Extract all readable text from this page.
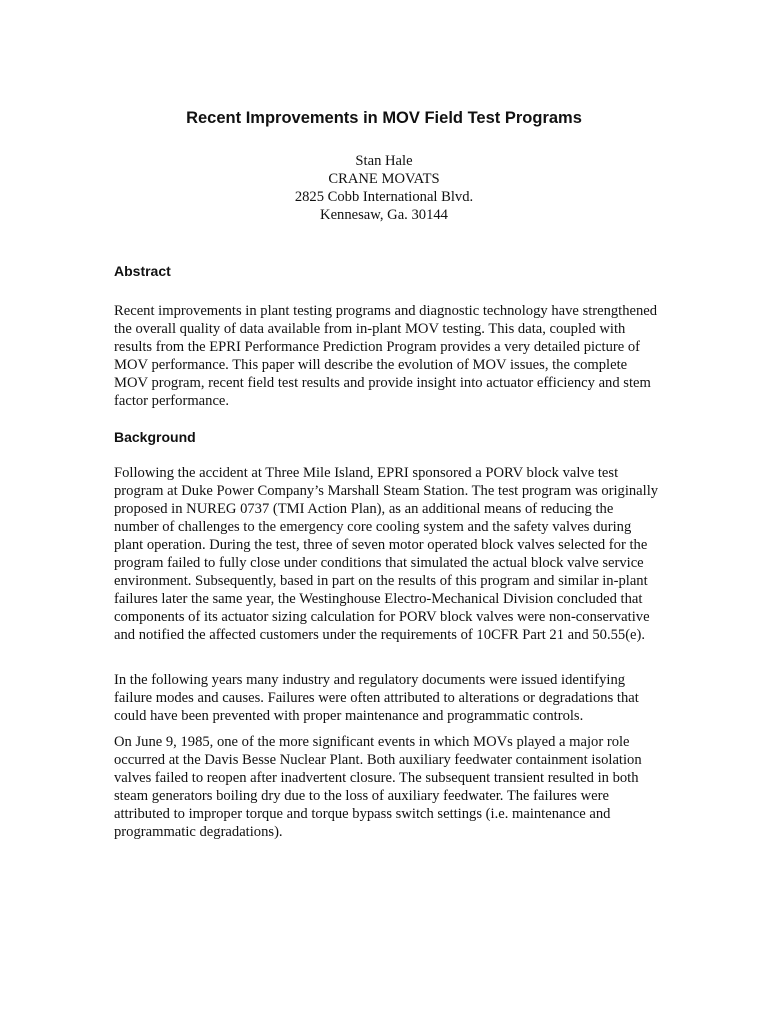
Recent Improvements in MOV Field Test Programs
Stan Hale
CRANE MOVATS
2825 Cobb International Blvd.
Kennesaw, Ga. 30144
Abstract

Recent improvements in plant testing programs and diagnostic technology have strengthened the overall quality of data available from in-plant MOV testing. This data, coupled with results from the EPRI Performance Prediction Program provides a very detailed picture of MOV performance. This paper will describe the evolution of MOV issues, the complete MOV program, recent field test results and provide insight into actuator efficiency and stem factor performance.

Background

Following the accident at Three Mile Island, EPRI sponsored a PORV block valve test program at Duke Power Company’s Marshall Steam Station. The test program was originally proposed in NUREG 0737 (TMI Action Plan), as an additional means of reducing the number of challenges to the emergency core cooling system and the safety valves during plant operation. During the test, three of seven motor operated block valves selected for the program failed to fully close under conditions that simulated the actual block valve service environment. Subsequently, based in part on the results of this program and similar in-plant failures later the same year, the Westinghouse Electro-Mechanical Division concluded that components of its actuator sizing calculation for PORV block valves were non-conservative and notified the affected customers under the requirements of 10CFR Part 21 and 50.55(e).

In the following years many industry and regulatory documents were issued identifying failure modes and causes. Failures were often attributed to alterations or degradations that could have been prevented with proper maintenance and programmatic controls.

On June 9, 1985, one of the more significant events in which MOVs played a major role occurred at the Davis Besse Nuclear Plant. Both auxiliary feedwater containment isolation valves failed to reopen after inadvertent closure. The subsequent transient resulted in both steam generators boiling dry due to the loss of auxiliary feedwater. The failures were attributed to improper torque and torque bypass switch settings (i.e. maintenance and programmatic degradations).
